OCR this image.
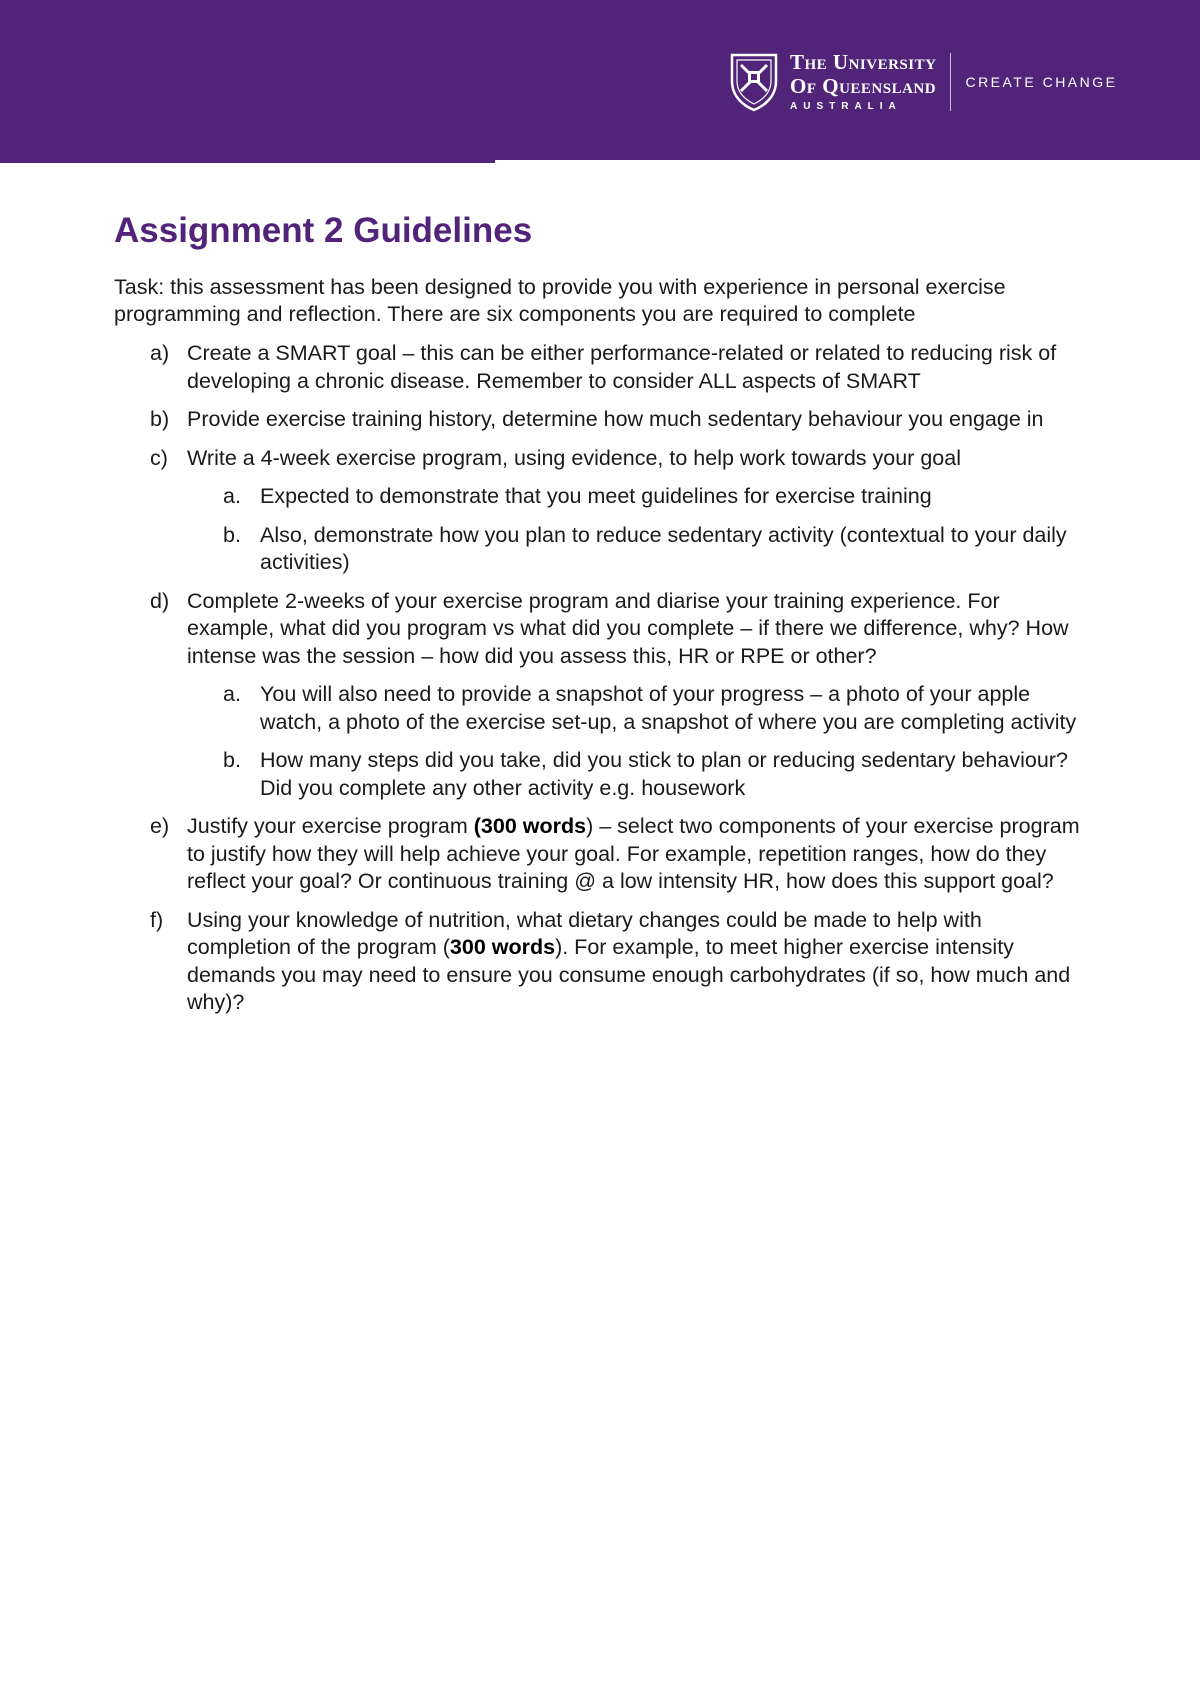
The University
Of Queensland
AUSTRALIA
CREATE CHANGE
Assignment 2 Guidelines

Task: this assessment has been designed to provide you with experience in personal exercise programming and reflection. There are six components you are required to complete

a) Create a SMART goal – this can be either performance-related or related to reducing risk of developing a chronic disease. Remember to consider ALL aspects of SMART
b) Provide exercise training history, determine how much sedentary behaviour you engage in
c) Write a 4-week exercise program, using evidence, to help work towards your goal
a. Expected to demonstrate that you meet guidelines for exercise training
b. Also, demonstrate how you plan to reduce sedentary activity (contextual to your daily activities)
d) Complete 2-weeks of your exercise program and diarise your training experience. For example, what did you program vs what did you complete – if there we difference, why? How intense was the session – how did you assess this, HR or RPE or other?
a. You will also need to provide a snapshot of your progress – a photo of your apple watch, a photo of the exercise set-up, a snapshot of where you are completing activity
b. How many steps did you take, did you stick to plan or reducing sedentary behaviour? Did you complete any other activity e.g. housework
e) Justify your exercise program (300 words) – select two components of your exercise program to justify how they will help achieve your goal. For example, repetition ranges, how do they reflect your goal? Or continuous training @ a low intensity HR, how does this support goal?
f) Using your knowledge of nutrition, what dietary changes could be made to help with completion of the program (300 words). For example, to meet higher exercise intensity demands you may need to ensure you consume enough carbohydrates (if so, how much and why)?
